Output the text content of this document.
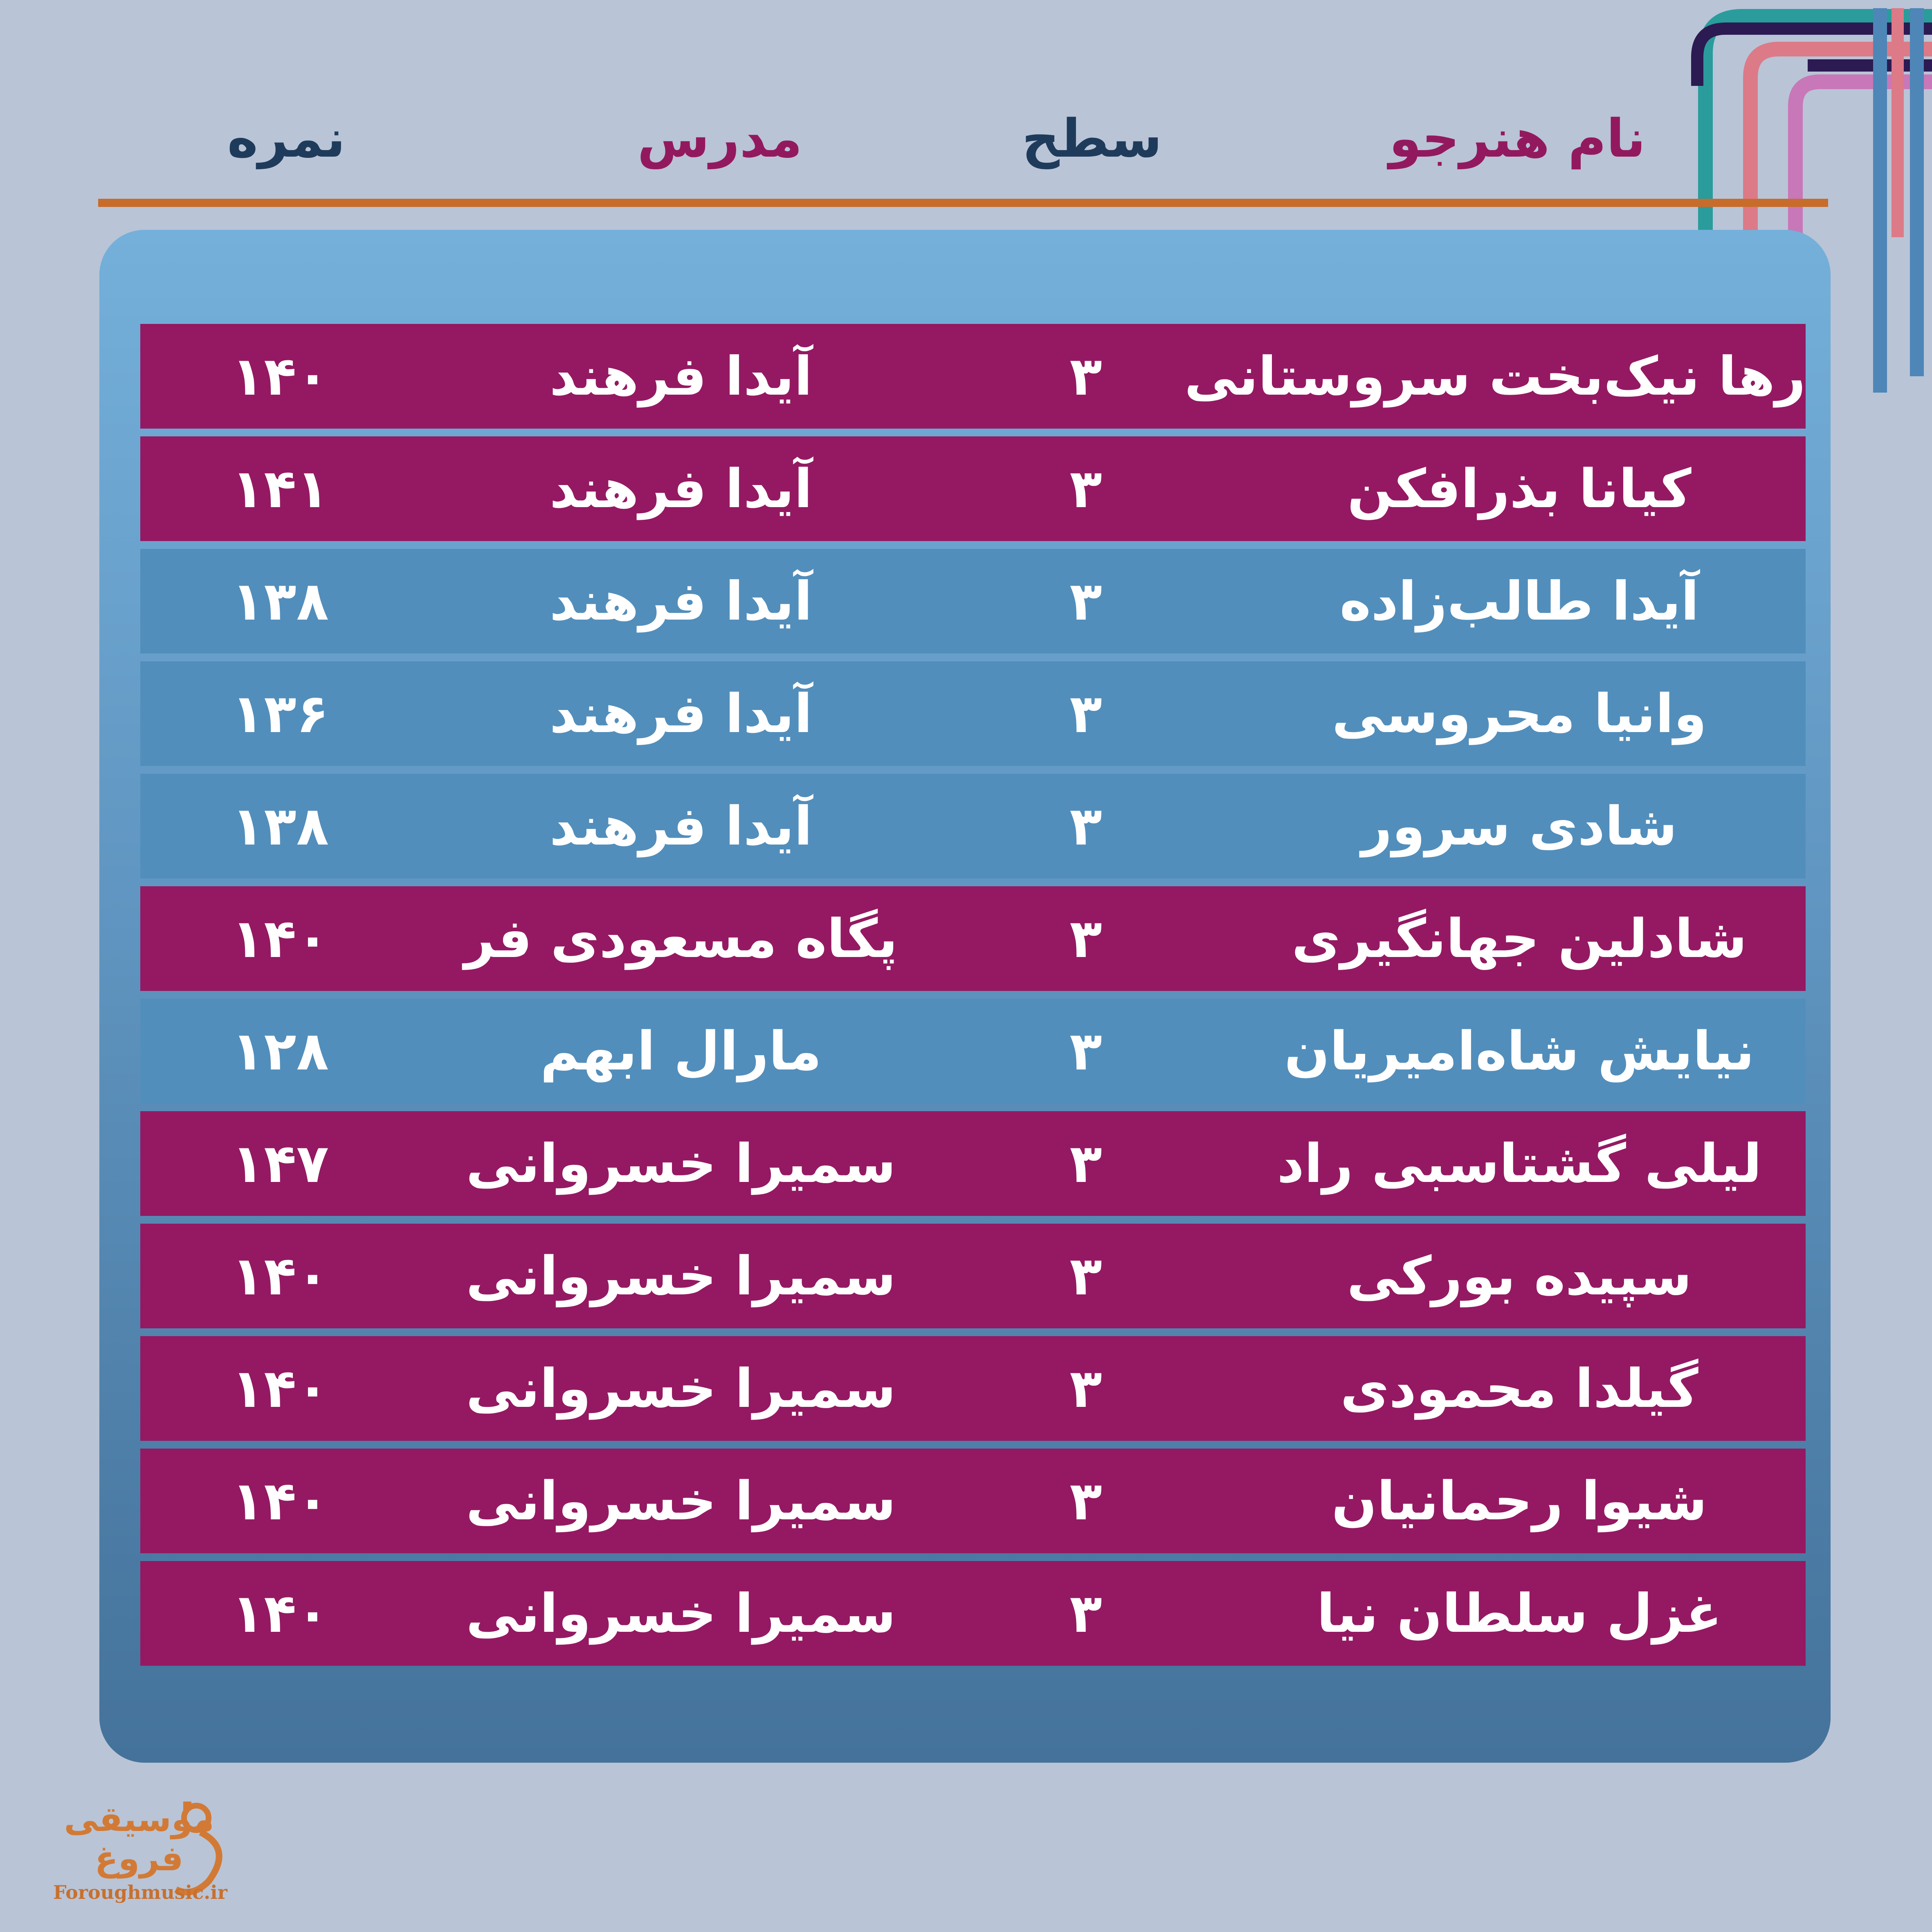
نام هنرجو
سطح
مدرس
نمره
رها نیک‌بخت سروستانی
۳
آیدا فرهند
۱۴۰
کیانا بذرافکن
۳
آیدا فرهند
۱۴۱
آیدا طالب‌زاده
۳
آیدا فرهند
۱۳۸
وانیا محروسی
۳
آیدا فرهند
۱۳۶
شادی سرور
۳
آیدا فرهند
۱۳۸
شادلین جهانگیری
۳
پگاه مسعودی فر
۱۴۰
نیایش شاه‌امیریان
۳
مارال ابهم
۱۲۸
لیلی گشتاسبی راد
۳
سمیرا خسروانی
۱۴۷
سپیده بورکی
۳
سمیرا خسروانی
۱۴۰
گیلدا محمودی
۳
سمیرا خسروانی
۱۴۰
شیوا رحمانیان
۳
سمیرا خسروانی
۱۴۰
غزل سلطان نیا
۳
سمیرا خسروانی
۱۴۰
موسیقی
فروغ
Foroughmusic.ir
